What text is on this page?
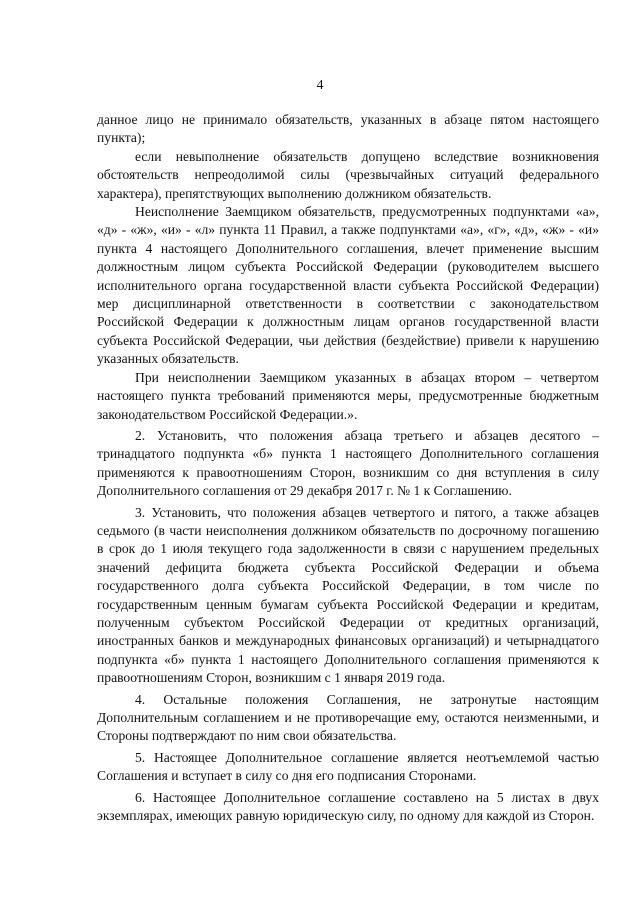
4

данное лицо не принимало обязательств, указанных в абзаце пятом настоящего пункта);

если невыполнение обязательств допущено вследствие возникновения обстоятельств непреодолимой силы (чрезвычайных ситуаций федерального характера), препятствующих выполнению должником обязательств.

Неисполнение Заемщиком обязательств, предусмотренных подпунктами «а», «д» - «ж», «и» - «л» пункта 11 Правил, а также подпунктами «а», «г», «д», «ж» - «и» пункта 4 настоящего Дополнительного соглашения, влечет применение высшим должностным лицом субъекта Российской Федерации (руководителем высшего исполнительного органа государственной власти субъекта Российской Федерации) мер дисциплинарной ответственности в соответствии с законодательством Российской Федерации к должностным лицам органов государственной власти субъекта Российской Федерации, чьи действия (бездействие) привели к нарушению указанных обязательств.

При неисполнении Заемщиком указанных в абзацах втором – четвертом настоящего пункта требований применяются меры, предусмотренные бюджетным законодательством Российской Федерации.».

2. Установить, что положения абзаца третьего и абзацев десятого – тринадцатого подпункта «б» пункта 1 настоящего Дополнительного соглашения применяются к правоотношениям Сторон, возникшим со дня вступления в силу Дополнительного соглашения от 29 декабря 2017 г. № 1 к Соглашению.

3. Установить, что положения абзацев четвертого и пятого, а также абзацев седьмого (в части неисполнения должником обязательств по досрочному погашению в срок до 1 июля текущего года задолженности в связи с нарушением предельных значений дефицита бюджета субъекта Российской Федерации и объема государственного долга субъекта Российской Федерации, в том числе по государственным ценным бумагам субъекта Российской Федерации и кредитам, полученным субъектом Российской Федерации от кредитных организаций, иностранных банков и международных финансовых организаций) и четырнадцатого подпункта «б» пункта 1 настоящего Дополнительного соглашения применяются к правоотношениям Сторон, возникшим с 1 января 2019 года.

4. Остальные положения Соглашения, не затронутые настоящим Дополнительным соглашением и не противоречащие ему, остаются неизменными, и Стороны подтверждают по ним свои обязательства.

5. Настоящее Дополнительное соглашение является неотъемлемой частью Соглашения и вступает в силу со дня его подписания Сторонами.

6. Настоящее Дополнительное соглашение составлено на 5 листах в двух экземплярах, имеющих равную юридическую силу, по одному для каждой из Сторон.
